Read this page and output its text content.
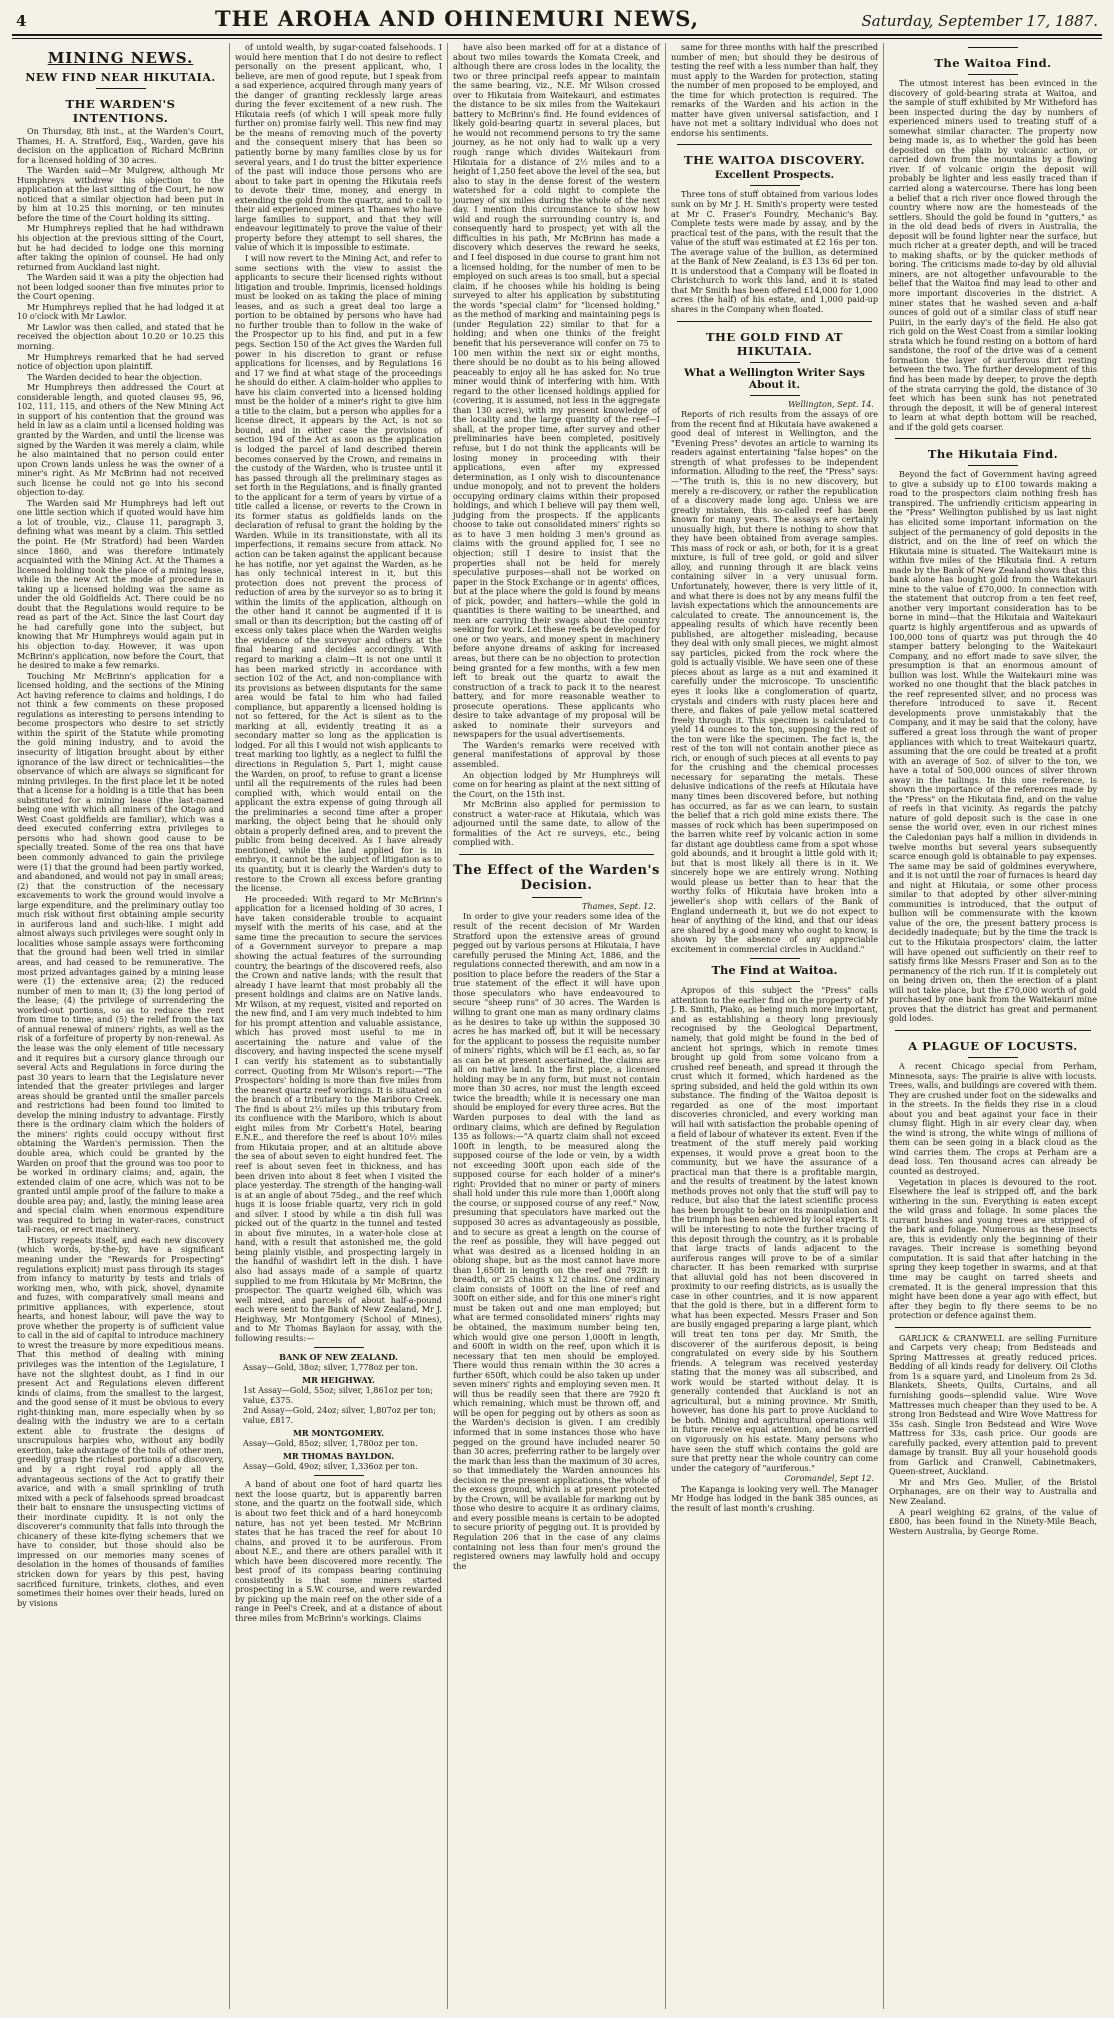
4	THE AROHA AND OHINEMURI NEWS,	Saturday, September 17, 1887.
MINING NEWS.
NEW FIND NEAR HIKUTAIA.
THE WARDEN'S INTENTIONS.

On Thursday, 8th inst., at the Warden's Court, Thames, H. A. Stratford, Esq., Warden, gave his decision on the application of Richard McBrinn for a licensed holding of 30 acres.

The Warden said—Mr Mulgrew, although Mr Humphreys withdrew his objection to the application at the last sitting of the Court, he now noticed that a similar objection had been put in by him at 10.25 this morning, or ten minutes before the time of the Court holding its sitting.

Mr Humphreys replied that he had withdrawn his objection at the previous sitting of the Court, but he had decided to lodge one this morning after taking the opinion of counsel. He had only returned from Auckland last night.

The Warden said it was a pity the objection had not been lodged sooner than five minutes prior to the Court opening.

Mr Humphreys replied that he had lodged it at 10 o'clock with Mr Lawlor.

Mr Lawlor was then called, and stated that he received the objection about 10.20 or 10.25 this morning.

Mr Humphreys remarked that he had served notice of objection upon plaintiff.

The Warden decided to hear the objection.

Mr Humphreys then addressed the Court at considerable length, and quoted clauses 95, 96, 102, 111, 115, and others of the New Mining Act in support of his contention that the ground was held in law as a claim until a licensed holding was granted by the Warden, and until the license was signed by the Warden it was merely a claim, while he also maintained that no person could enter upon Crown lands unless he was the owner of a miner's right. As Mr McBrinn had not received such license he could not go into his second objection to-day.

The Warden said Mr Humphreys had left out one little section which if quoted would have him a lot of trouble, viz., Clause 11, paragraph 3, defining what was meant by a claim. This settled the point. He (Mr Stratford) had been Warden since 1860, and was therefore intimately acquainted with the Mining Act. At the Thames a licensed holding took the place of a mining lease, while in the new Act the mode of procedure in taking up a licensed holding was the same as under the old Goldfields Act. There could be no doubt that the Regulations would require to be read as part of the Act. Since the last Court day he had carefully gone into the subject, but knowing that Mr Humphreys would again put in his objection to-day. However, it was upon McBrinn's application, now before the Court, that he desired to make a few remarks.

Touching Mr McBrinn's application for a licensed holding, and the sections of the Mining Act having reference to claims and holdings, I do not think a few comments on these proposed regulations as interesting to persons intending to become prospectors who desire to set strictly within the spirit of the Statute while promoting the gold mining industry, and to avoid the insecurity of litigation brought about by either ignorance of the law direct or technicalities—the observance of which are always so significant for mining privileges. In the first place let it be noted that a license for a holding is a title that has been substituted for a mining lease (the last-named being one with which all miners of the Otago and West Coast goldfields are familiar), which was a deed executed conferring extra privileges to persons who had shown good cause to be specially treated. Some of the rea ons that have been commonly advanced to gain the privilege were (1) that the ground had been partly worked, and abandoned, and would not pay in small areas; (2) that the construction of the necessary excavements to work the ground would involve a large expenditure, and the preliminary outlay too much risk without first obtaining ample security in auriferous land and such-like. I might add almost always such privileges were sought only in localities whose sample assays were forthcoming that the ground had been well tried in similar areas, and had ceased to be remunerative. The most prized advantages gained by a mining lease were (1) the extensive area; (2) the reduced number of men to man it; (3) the long period of the lease; (4) the privilege of surrendering the worked-out portions, so as to reduce the rent from time to time; and (5) the relief from the tax of annual renewal of miners' rights, as well as the risk of a forfeiture of property by non-renewal. As the lease was the only element of title necessary and it requires but a cursory glance through our several Acts and Regulations in force during the past 30 years to learn that the Legislature never intended that the greater privileges and larger areas should be granted until the smaller parcels and restrictions had been found too limited to develop the mining industry to advantage. Firstly there is the ordinary claim which the holders of the miners' rights could occupy without first obtaining the Warden's permission. Then the double area, which could be granted by the Warden on proof that the ground was too poor to be worked in ordinary claims; and, again, the extended claim of one acre, which was not to be granted until ample proof of the failure to make a double area pay; and, lastly, the mining lease area and special claim when enormous expenditure was required to bring in water-races, construct tail-races, or erect machinery.

History repeats itself, and each new discovery (which words, by-the-by, have a significant meaning under the "Rewards for Prospecting" regulations explicit) must pass through its stages from infancy to maturity by tests and trials of working men, who, with pick, shovel, dynamite and fuzes, with comparatively small means and primitive appliances, with experience, stout hearts, and honest labour, will pave the way to prove whether the property is of sufficient value to call in the aid of capital to introduce machinery to wrest the treasure by more expeditious means. That this method of dealing with mining privileges was the intention of the Legislature, I have not the slightest doubt, as I find in our present Act and Regulations eleven different kinds of claims, from the smallest to the largest, and the good sense of it must be obvious to every right-thinking man, more especially when by so dealing with the industry we are to a certain extent able to frustrate the designs of unscrupulous harpies who, without any bodily exertion, take advantage of the toils of other men, greedily grasp the richest portions of a discovery, and by a right royal rod apply all the advantageous sections of the Act to gratify their avarice, and with a small sprinkling of truth mixed with a peck of falsehoods spread broadcast their bait to ensnare the unsuspecting victims of their inordinate cupidity. It is not only the discoverer's community that falls into through the chicanery of these kite-flying schemers that we have to consider, but those should also be impressed on our memories many scenes of desolation in the homes of thousands of families stricken down for years by this pest, having sacrificed furniture, trinkets, clothes, and even sometimes their homes over their heads, lured on by visions

of untold wealth, by sugar-coated falsehoods. I would here mention that I do not desire to reflect personally on the present applicant, who, I believe, are men of good repute, but I speak from a sad experience, acquired through many years of the danger of granting recklessly large areas during the fever excitement of a new rush. The Hikutaia reefs (of which I will speak more fully further on) promise fairly well. This new find may be the means of removing much of the poverty and the consequent misery that has been so patiently borne by many families close by us for several years, and I do trust the bitter experience of the past will induce those persons who are about to take part in opening the Hikutaia reefs to devote their time, money, and energy in extending the gold from the quartz, and to call to their aid experienced miners at Thames who have large families to support, and that they will endeavour legitimately to prove the value of their property before they attempt to sell shares, the value of which it is impossible to estimate.

I will now revert to the Mining Act, and refer to some sections with the view to assist the applicants to secure their licensed rights without litigation and trouble. Imprimis, licensed holdings must be looked on as taking the place of mining leases, and as such a great deal too large a portion to be obtained by persons who have had no further trouble than to follow in the wake of the Prospector up to his find, and put in a few pegs. Section 150 of the Act gives the Warden full power in his discretion to grant or refuse applications for licenses, and by Regulations 16 and 17 we find at what stage of the proceedings he should do either. A claim-holder who applies to have his claim converted into a licensed holding must be the holder of a miner's right to give him a title to the claim, but a person who applies for a license direct, it appears by the Act, is not so bound, and in either case the provisions of section 194 of the Act as soon as the application is lodged the parcel of land described therein becomes conserved by the Crown, and remains in the custody of the Warden, who is trustee until it has passed through all the preliminary stages as set forth in the Regulations, and is finally granted to the applicant for a term of years by virtue of a title called a license, or reverts to the Crown in its former status as goldfields lands on the declaration of refusal to grant the holding by the Warden. While in its transitionstate, with all its imperfections, it remains secure from attack. No action can be taken against the applicant because he has notifie, nor yet against the Warden, as he has only technical interest in it, but this protection does not prevent the process of reduction of area by the surveyor so as to bring it within the limits of the application, although on the other hand it cannot be augmented if it is small or than its description; but the casting off of excess only takes place when the Warden weighs the evidence of the surveyor and others at the final hearing and decides accordingly. With regard to marking a claim—It is not one until it has been marked strictly in accordance with section 102 of the Act, and non-compliance with its provisions as between disputants for the same area would be fatal to him who had failed compliance, but apparently a licensed holding is not so fettered, for the Act is silent as to the marking at all, evidently treating it as a secondary matter so long as the application is lodged. For all this I would not wish applicants to treat marking too lightly, as a neglect to fulfil the directions in Regulation 5, Part 1, might cause the Warden, on proof, to refuse to grant a license until all the requirements of the rules had been complied with, which would entail on the applicant the extra expense of going through all the preliminaries a second time after a proper marking, the object being that he should only obtain a properly defined area, and to prevent the public from being deceived. As I have already mentioned, while the land applied for is in embryo, it cannot be the subject of litigation as to its quantity, but it is clearly the Warden's duty to restore to the Crown all excess before granting the license.

He proceeded: With regard to Mr McBrinn's application for a licensed holding of 30 acres, I have taken considerable trouble to acquaint myself with the merits of his case, and at the same time the precaution to secure the services of a Government surveyor to prepare a map showing the actual features of the surrounding country, the bearings of the discovered reefs, also the Crown and native lands; with the result that already I have learnt that most probably all the present holdings and claims are on Native lands. Mr Wilson, at my request, visited and reported on the new find, and I am very much indebted to him for his prompt attention and valuable assistance, which has proved most useful to me in ascertaining the nature and value of the discovery, and having inspected the scene myself I can verify his statement as to substantially correct. Quoting from Mr Wilson's report:—"The Prospectors' holding is more than five miles from the nearest quartz reef workings. It is situated on the branch of a tributary to the Mariboro Creek. The find is about 2½ miles up this tributary from its confluence with the Mariboro, which is about eight miles from Mr Corbett's Hotel, bearing E.N.E., and therefore the reef is about 10½ miles from Hikutaia proper, and at an altitude above the sea of about seven to eight hundred feet. The reef is about seven feet in thickness, and has been driven into about 8 feet when I visited the place yesterday. The strength of the hanging-wall is at an angle of about 75deg., and the reef which hugs it is loose friable quartz, very rich in gold and silver. I stood by while a tin dish full was picked out of the quartz in the tunnel and tested in about five minutes, in a water-hole close at hand, with a result that astonished me, the gold being plainly visible, and prospecting largely in the handful of washdirt left in the dish. I have also had assays made of a sample of quartz supplied to me from Hikutaia by Mr McBrinn, the prospector. The quartz weighed 6lb, which was well mixed, and parcels of about half-a-pound each were sent to the Bank of New Zealand, Mr J. Heighway, Mr Montgomery (School of Mines), and to Mr Thomas Baylaon for assay, with the following results:—

BANK OF NEW ZEALAND.
Assay—Gold, 38oz; silver, 1,778oz per ton.
MR HEIGHWAY.
1st Assay—Gold, 55oz; silver, 1,861oz per ton; value, £375.
2nd Assay—Gold, 24oz; silver, 1,807oz per ton; value, £817.
MR MONTGOMERY.
Assay—Gold, 85oz; silver, 1,780oz per ton.
MR THOMAS BAYLDON.
Assay—Gold, 49oz; silver, 1,336oz per ton.

A band of about one foot of hard quartz lies next the loose quartz, but is apparently barren stone, and the quartz on the footwall side, which is about two feet thick and of a hard honeycomb nature, has not yet been tested. Mr McBrinn states that he has traced the reef for about 10 chains, and proved it to be auriferous. From about N.E., and there are others parallel with it which have been discovered more recently. The best proof of its compass bearing continuing consistently is that some miners started prospecting in a S.W. course, and were rewarded by picking up the main reef on the other side of a range in Peel's Creek, and at a distance of about three miles from McBrinn's workings. Claims

have also been marked off for at a distance of about two miles towards the Komata Creek, and although there are cross lodes in the locality, the two or three principal reefs appear to maintain the same bearing, viz., N.E. Mr Wilson crossed over to Hikutaia from Waitekauri, and estimates the distance to be six miles from the Waitekauri battery to McBrinn's find. He found evidences of likely gold-bearing quartz in several places, but he would not recommend persons to try the same journey, as he not only had to walk up a very rough range which divides Waitekauri from Hikutaia for a distance of 2½ miles and to a height of 1,250 feet above the level of the sea, but also to stay in the dense forest of the western watershed for a cold night to complete the journey of six miles during the whole of the next day. I mention this circumstance to show how wild and rough the surrounding country is, and consequently hard to prospect; yet with all the difficulties in his path, Mr McBrinn has made a discovery which deserves the reward he seeks, and I feel disposed in due course to grant him not a licensed holding, for the number of men to be employed on such areas is too small, but a special claim, if he chooses while his holding is being surveyed to alter his application by substituting the words "special claim" for "licensed holding," as the method of marking and maintaining pegs is (under Regulation 22) similar to that for a holding; and when one thinks of the freight benefit that his perseverance will confer on 75 to 100 men within the next six or eight months, there should be no doubt as to his being allowed peaceably to enjoy all he has asked for. No true miner would think of interfering with him. With regard to the other licensed holdings applied for (covering, it is assumed, not less in the aggregate than 130 acres), with my present knowledge of the locality and the large quantity of the reef—I shall, at the proper time, after survey and other preliminaries have been completed, positively refuse, but I do not think the applicants will be losing money in proceeding with their applications, even after my expressed determination, as I only wish to discountenance undue monopoly, and not to prevent the holders occupying ordinary claims within their proposed holdings, and which I believe will pay them well, judging from the prospects. If the applicants choose to take out consolidated miners' rights so as to have 3 men holding 3 men's ground as claims with the ground applied for, I see no objection; still I desire to insist that the properties shall not be held for merely speculative purposes—shall not be worked on paper in the Stock Exchange or in agents' offices, but at the place where the gold is found by means of pick, powder, and hatters—while the gold in quantities is there waiting to be unearthed, and men are carrying their swags about the country seeking for work. Let these reefs be developed for one or two years, and money spent in machinery before anyone dreams of asking for increased areas, but there can be no objection to protection being granted for a few months, with a few men left to break out the quartz to await the construction of a track to pack it to the nearest battery, and for more reasonable weather to prosecute operations. These applicants who desire to take advantage of my proposal will be asked to nominate their surveyors and newspapers for the usual advertisements.

The Warden's remarks were received with general manifestations of approval by those assembled.

An objection lodged by Mr Humphreys will come on for hearing as plaint at the next sitting of the Court, on the 15th inst.

Mr McBrinn also applied for permission to construct a water-race at Hikutaia, which was adjourned until the same date, to allow of the formalities of the Act re surveys, etc., being complied with.

The Effect of the Warden's Decision.
Thames, Sept. 12.

In order to give your readers some idea of the result of the recent decision of Mr Warden Stratford upon the extensive areas of ground pegged out by various persons at Hikutaia, I have carefully perused the Mining Act, 1886, and the regulations connected therewith, and am now in a position to place before the readers of the Star a true statement of the effect it will have upon those speculators who have endeavoured to secure "sheep runs" of 30 acres. The Warden is willing to grant one man as many ordinary claims as he desires to take up within the supposed 30 acres he has marked off, but it will be necessary for the applicant to possess the requisite number of miners' rights, which will be £1 each, as, so far as can be at present ascertained, the claims are all on native land. In the first place, a licensed holding may be in any form, but must not contain more than 30 acres, nor must the length exceed twice the breadth; while it is necessary one man should be employed for every three acres. But the Warden purposes to deal with the land as ordinary claims, which are defined by Regulation 135 as follows:—"A quartz claim shall not exceed 100ft in length, to be measured along the supposed course of the lode or vein, by a width not exceeding 300ft upon each side of the supposed course for each holder of a miner's right: Provided that no miner or party of miners shall hold under this rule more than 1,000ft along the course, or supposed course of any reef." Now, presuming that speculators have marked out the supposed 30 acres as advantageously as possible, and to secure as great a length on the course of the reef as possible, they will have pegged out what was desired as a licensed holding in an oblong shape, but as the most cannot have more than 1,650ft in length on the reef and 792ft in breadth, or 25 chains x 12 chains. One ordinary claim consists of 100ft on the line of reef and 300ft on either side, and for this one miner's right must be taken out and one man employed; but what are termed consolidated miners' rights may be obtained, the maximum number being ten, which would give one person 1,000ft in length, and 600ft in width on the reef, upon which it is necessary that ten men should be employed. There would thus remain within the 30 acres a further 650ft, which could be also taken up under seven miners' rights and employing seven men. It will thus be readily seen that there are 7920 ft which remaining, which must be thrown off, and will be open for pegging out by others as soon as the Warden's decision is given. I am credibly informed that in some instances those who have pegged on the ground have included nearer 50 than 30 acres, preferring rather to be largely over the mark than less than the maximum of 30 acres, so that immediately the Warden announces his decision re the present applications, the whole of the excess ground, which is at present protected by the Crown, will be available for marking out by those who desire to acquire it as ordinary claims, and every possible means is certain to be adopted to secure priority of pegging out. It is provided by Regulation 206 that in the case of any claims containing not less than four men's ground the registered owners may lawfully hold and occupy the

same for three months with half the prescribed number of men; but should they be desirous of testing the reef with a less number than half, they must apply to the Warden for protection, stating the number of men proposed to be employed, and the time for which protection is required. The remarks of the Warden and his action in the matter have given universal satisfaction, and I have not met a solitary individual who does not endorse his sentiments.

THE WAITOA DISCOVERY.
Excellent Prospects.

Three tons of stuff obtained from various lodes sunk on by Mr J. H. Smith's property were tested at Mr C. Fraser's Foundry, Mechanic's Bay. Complete tests were made by assay, and by the practical test of the pans, with the result that the value of the stuff was estimated at £2 16s per ton. The average value of the bullion, as determined at the Bank of New Zealand, is £3 13s 6d per ton. It is understood that a Company will be floated in Christchurch to work this land, and it is stated that Mr Smith has been offered £14,000 for 1,000 acres (the half) of his estate, and 1,000 paid-up shares in the Company when floated.

THE GOLD FIND AT HIKUTAIA.
What a Wellington Writer Says About it.
Wellington, Sept. 14.

Reports of rich results from the assays of ore from the recent find at Hikutaia have awakened a good deal of interest in Wellington, and the "Evening Press" devotes an article to warning its readers against entertaining "false hopes" on the strength of what professes to be independent information. Alluding to the reef, the "Press" says:—"The truth is, this is no new discovery, but merely a re-discovery, or rather the republication of a discovery made long ago. Unless we are greatly mistaken, this so-called reef has been known for many years. The assays are certainly unusually high, but there is nothing to show that they have been obtained from average samples. This mass of rock or ash, or both, for it is a great mixture, is full of tree gold, or gold and silver alloy, and running through it are black veins containing silver in a very unusual form. Unfortunately, however, there is very little of it, and what there is does not by any means fulfil the lavish expectations which the announcements are calculated to create. The announcement is, the appealing results of which have recently been published, are altogether misleading, because they deal with only small pieces, we might almost say particles, picked from the rock where the gold is actually visible. We have seen one of these pieces about as large as a nut and examined it carefully under the microscope. To unscientific eyes it looks like a conglomeration of quartz, crystals and cinders with rusty places here and there, and flakes of pale yellow metal scattered freely through it. This specimen is calculated to yield 14 ounces to the ton, supposing the rest of the ton were like the specimen. The fact is, the rest of the ton will not contain another piece as rich, or enough of such pieces at all events to pay for the crushing and the chemical processes necessary for separating the metals. These delusive indications of the reefs at Hikutaia have many times been discovered before, but nothing has occurred, as far as we can learn, to sustain the belief that a rich gold mine exists there. The masses of rock which has been superimposed on the barren white reef by volcanic action in some far distant age doubtless came from a spot whose gold abounds, and it brought a little gold with it; but that is most likely all there is in it. We sincerely hope we are entirely wrong. Nothing would please us better than to hear that the worthy folks of Hikutaia have broken into a jeweller's shop with cellars of the Bank of England underneath it, but we do not expect to hear of anything of the kind, and that our ideas are shared by a good many who ought to know, is shown by the absence of any appreciable excitement in commercial circles in Auckland."

The Find at Waitoa.

Apropos of this subject the "Press" calls attention to the earlier find on the property of Mr J. B. Smith, Piako, as being much more important, and as establishing a theory long previously recognised by the Geological Department, namely, that gold might be found in the bed of ancient hot springs, which in remote times brought up gold from some volcano from a crushed reef beneath, and spread it through the crust which it formed, which hardened as the spring subsided, and held the gold within its own substance. The finding of the Waitoa deposit is regarded as one of the most important discoveries chronicled, and every working man will hail with satisfaction the probable opening of a field of labour of whatever its extent. Even if the treatment of the stuff merely paid working expenses, it would prove a great boon to the community, but we have the assurance of a practical man that there is a profitable margin, and the results of treatment by the latest known methods proves not only that the stuff will pay to reduce, but also that the latest scientific process has been brought to bear on its manipulation and the triumph has been achieved by local experts. It will be interesting to note the further tracing of this deposit through the country, as it is probable that large tracts of lands adjacent to the auriferous ranges will prove to be of a similar character. It has been remarked with surprise that alluvial gold has not been discovered in proximity to our reefing districts, as is usually the case in other countries, and it is now apparent that the gold is there, but in a different form to what has been expected. Messrs Fraser and Son are busily engaged preparing a large plant, which will treat ten tons per day. Mr Smith, the discoverer of the auriferous deposit, is being congratulated on every side by his Southern friends. A telegram was received yesterday stating that the money was all subscribed, and work would be started without delay. It is generally contended that Auckland is not an agricultural, but a mining province. Mr Smith, however, has done his part to prove Auckland to be both. Mining and agricultural operations will in future receive equal attention, and be carried on vigorously on his estate. Many persons who have seen the stuff which contains the gold are sure that pretty near the whole country can come under the category of "auriferous."

Coromandel, Sept 12.

The Kapanga is looking very well. The Manager Mr Hodge has lodged in the bank 385 ounces, as the result of last month's crushing.

The Waitoa Find.

The utmost interest has been evinced in the discovery of gold-bearing strata at Waitoa, and the sample of stuff exhibited by Mr Witheford has been inspected during the day by numbers of experienced miners used to treating stuff of a somewhat similar character. The property now being made is, as to whether the gold has been deposited on the plain by volcanic action, or carried down from the mountains by a flowing river. If of volcanic origin the deposit will probably be lighter and less easily traced than if carried along a watercourse. There has long been a belief that a rich river once flowed through the country where now are the homesteads of the settlers. Should the gold be found in "gutters," as in the old dead beds of rivers in Australia, the deposit will be found lighter near the surface, but much richer at a greater depth, and will be traced to making shafts, or by the quicker methods of boring. The criticisms made to-day by old alluvial miners, are not altogether unfavourable to the belief that the Waitoa find may lead to other and more important discoveries in the district. A miner states that he washed seven and a-half ounces of gold out of a similar class of stuff near Puiiri, in the early day's of the field. He also got rich gold on the West Coast from a similar looking strata which he found resting on a bottom of hard sandstone, the roof of the drive was of a cement formation the layer of auriferous dirt resting between the two. The further development of this find has been made by deeper, to prove the depth of the strata carrying the gold, the distance of 30 feet which has been sunk has not penetrated through the deposit, it will be of general interest to learn at what depth bottom will be reached, and if the gold gets coarser.

The Hikutaia Find.

Beyond the fact of Government having agreed to give a subsidy up to £100 towards making a road to the prospectors claim nothing fresh has transpired. The unfriendly criticism appearing in the "Press" Wellington published by us last night has elicited some important information on the subject of the permanency of gold deposits in the district, and on the line of reef on which the Hikutaia mine is situated. The Waitekauri mine is within five miles of the Hikutaia find. A return made by the Bank of New Zealand shows that this bank alone has bought gold from the Waitekauri mine to the value of £70,000. In connection with the statement that outcrop from a ten feet reef, another very important consideration has to be borne in mind—that the Hikutaia and Waitekauri quartz is highly argentiferous and as upwards of 100,000 tons of quartz was put through the 40 stamper battery belonging to the Waitekauri Company, and no effort made to save silver, the presumption is that an enormous amount of bullion was lost. While the Waitekauri mine was worked no one thought that the black patches in the reef represented silver, and no process was therefore introduced to save it. Recent developments prove unmistakably that the Company, and it may be said that the colony, have suffered a great loss through the want of proper appliances with which to treat Waitekauri quartz, assuming that the ore could be treated at a profit with an average of 5oz. of silver to the ton, we have a total of 500,000 ounces of silver thrown away in the tailings. In this one reference, is shown the importance of the references made by the "Press" on the Hikutaia find, and on the value of reefs in that vicinity. As regards the patchy nature of gold deposit such is the case in one sense the world over, even in our richest mines the Caledonian pays half a million in dividends in twelve months but several years subsequently scarce enough gold is obtainable to pay expenses. The same may be said of goldmines everywhere, and it is not until the roar of furnaces is heard day and night at Hikutaia, or some other process similar to that adopted by other silver-mining communities is introduced, that the output of bullion will be commensurate with the known value of the ore, the present battery process is decidedly inadequate; but by the time the track is cut to the Hikutaia prospectors' claim, the latter will have opened out sufficiently on their reef to satisfy firms like Messrs Fraser and Son as to the permanency of the rich run. If it is completely out on being driven on, then the erection of a plant will not take place, but the £70,000 worth of gold purchased by one bank from the Waitekauri mine proves that the district has great and permanent gold lodes.

A PLAGUE OF LOCUSTS.

A recent Chicago special from Perham, Minnesota, says: The prairie is alive with locusts. Trees, walls, and buildings are covered with them. They are crushed under foot on the sidewalks and in the streets. In the fields they rise in a cloud about you and beat against your face in their clumsy flight. High in air every clear day, when the wind is strong, the white wings of millions of them can be seen going in a black cloud as the wind carries them. The crops at Perham are a dead loss. Ten thousand acres can already be counted as destroyed.

Vegetation in places is devoured to the root. Elsewhere the leaf is stripped off, and the bark withering in the sun. Everything is eaten except the wild grass and foliage. In some places the currant bushes and young trees are stripped of the bark and foliage. Numerous as these insects are, this is evidently only the beginning of their ravages. Their increase is something beyond computation. It is said that after hatching in the spring they keep together in swarms, and at that time may be caught on tarred sheets and cremated. It is the general impression that this might have been done a year ago with effect, but after they begin to fly there seems to be no protection or defence against them.

GARLICK & CRANWELL are selling Furniture and Carpets very cheap; from Bedsteads and Spring Mattresses at greatly reduced prices. Bedding of all kinds ready for delivery. Oil Cloths from 1s a square yard, and Linoleum from 2s 3d. Blankets, Sheets, Quilts, Curtains, and all furnishing goods—splendid value. Wire Wove Mattresses much cheaper than they used to be. A strong Iron Bedstead and Wire Wove Mattress for 35s cash. Single Iron Bedstead and Wire Wove Mattress for 33s, cash price. Our goods are carefully packed, every attention paid to prevent damage by transit. Buy all your household goods from Garlick and Cranwell, Cabinetmakers, Queen-street, Auckland.

Mr and Mrs Geo. Muller, of the Bristol Orphanages, are on their way to Australia and New Zealand.

A pearl weighing 62 grains, of the value of £800, has been found in the Ninety-Mile Beach, Western Australia, by George Rome.
